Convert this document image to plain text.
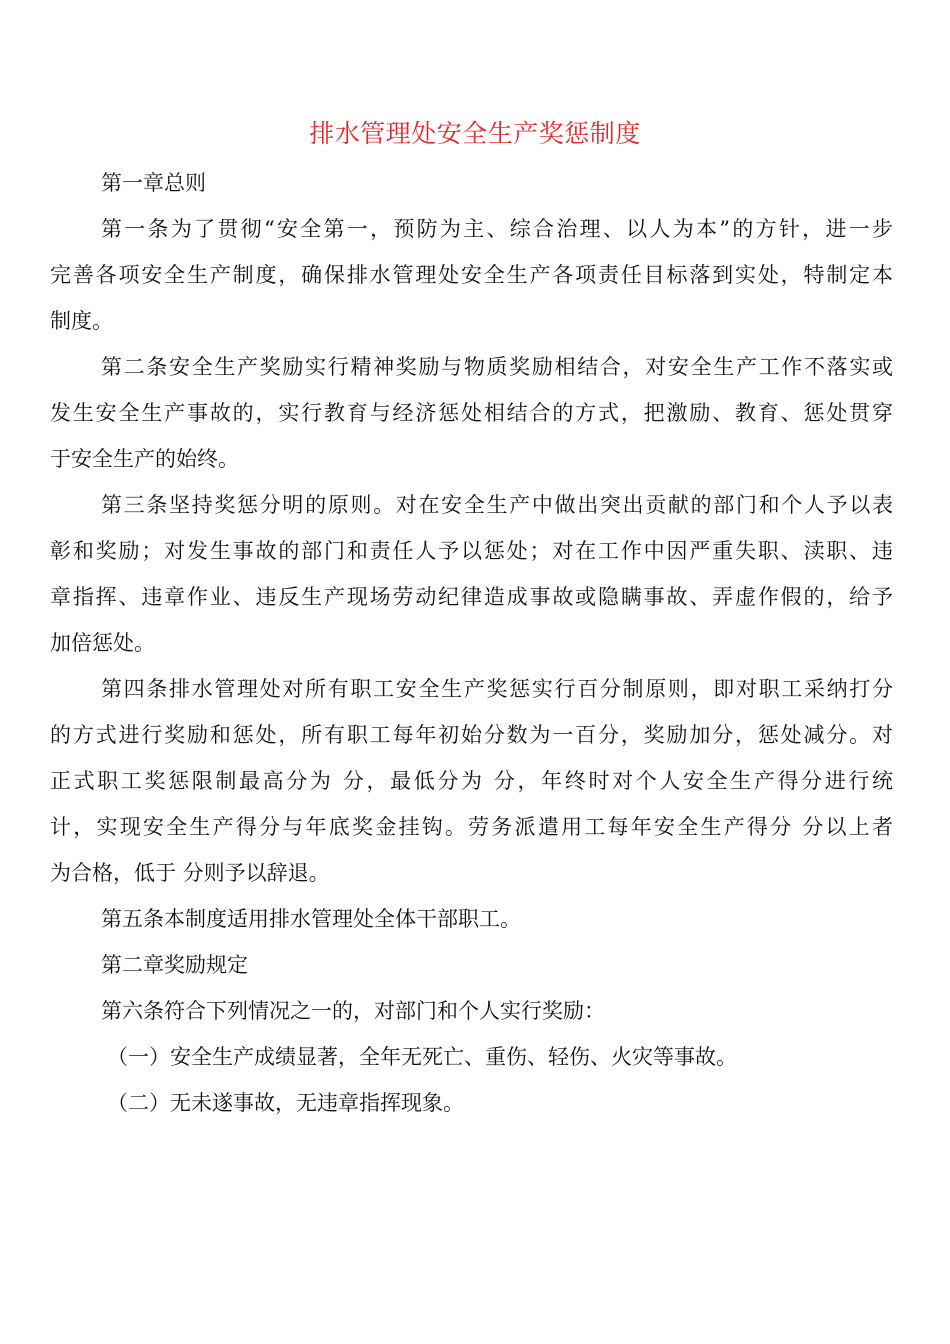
排水管理处安全生产奖惩制度
第一章总则
第一条为了贯彻“安全第一，预防为主、综合治理、以人为本”的方针，进一步
完善各项安全生产制度，确保排水管理处安全生产各项责任目标落到实处，特制定本
制度。
第二条安全生产奖励实行精神奖励与物质奖励相结合，对安全生产工作不落实或
发生安全生产事故的，实行教育与经济惩处相结合的方式，把激励、教育、惩处贯穿
于安全生产的始终。
第三条坚持奖惩分明的原则。对在安全生产中做出突出贡献的部门和个人予以表
彰和奖励；对发生事故的部门和责任人予以惩处；对在工作中因严重失职、渎职、违
章指挥、违章作业、违反生产现场劳动纪律造成事故或隐瞒事故、弄虚作假的，给予
加倍惩处。
第四条排水管理处对所有职工安全生产奖惩实行百分制原则，即对职工采纳打分
的方式进行奖励和惩处，所有职工每年初始分数为一百分，奖励加分，惩处减分。对
正式职工奖惩限制最高分为 分，最低分为 分，年终时对个人安全生产得分进行统
计，实现安全生产得分与年底奖金挂钩。劳务派遣用工每年安全生产得分 分以上者
为合格，低于 分则予以辞退。
第五条本制度适用排水管理处全体干部职工。
第二章奖励规定
第六条符合下列情况之一的，对部门和个人实行奖励：
（一）安全生产成绩显著，全年无死亡、重伤、轻伤、火灾等事故。
（二）无未遂事故，无违章指挥现象。
